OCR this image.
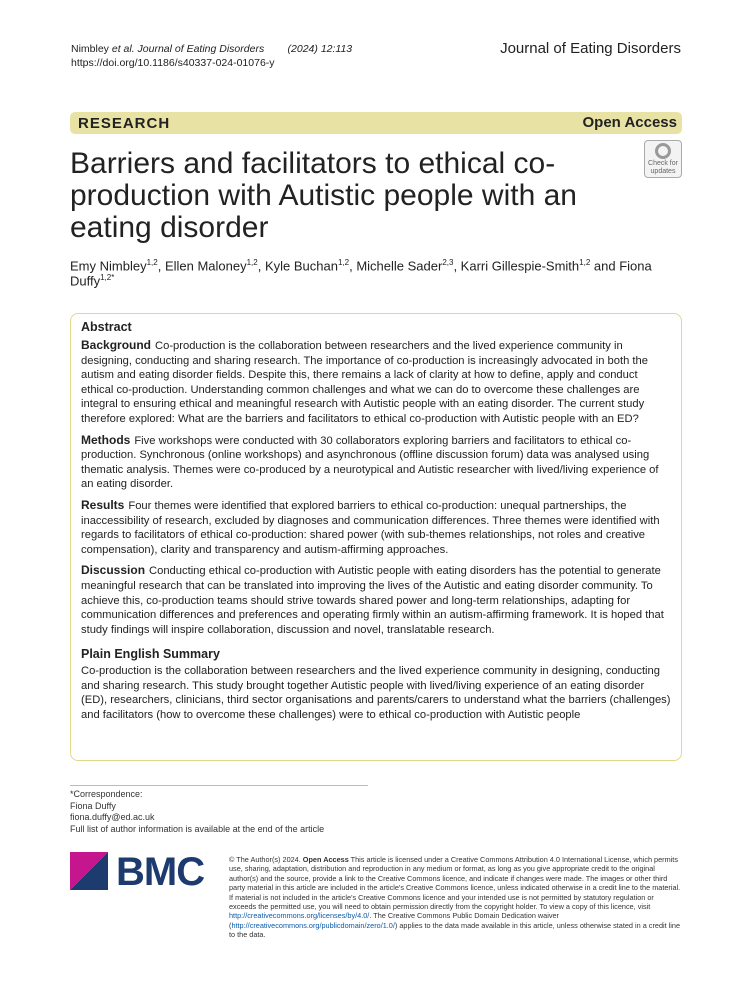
Nimbley et al. Journal of Eating Disorders (2024) 12:113
https://doi.org/10.1186/s40337-024-01076-y
Journal of Eating Disorders
RESEARCH	Open Access
Barriers and facilitators to ethical co-production with Autistic people with an eating disorder
Check for
updates
Emy Nimbley$^{1,2}$, Ellen Maloney$^{1,2}$, Kyle Buchan$^{1,2}$, Michelle Sader$^{2,3}$, Karri Gillespie-Smith$^{1,2}$ and Fiona Duffy$^{1,2*}$
Abstract

Background Co-production is the collaboration between researchers and the lived experience community in designing, conducting and sharing research. The importance of co-production is increasingly advocated in both the autism and eating disorder fields. Despite this, there remains a lack of clarity at how to define, apply and conduct ethical co-production. Understanding common challenges and what we can do to overcome these challenges are integral to ensuring ethical and meaningful research with Autistic people with an eating disorder. The current study therefore explored: What are the barriers and facilitators to ethical co-production with Autistic people with an ED?

Methods Five workshops were conducted with 30 collaborators exploring barriers and facilitators to ethical co-production. Synchronous (online workshops) and asynchronous (offline discussion forum) data was analysed using thematic analysis. Themes were co-produced by a neurotypical and Autistic researcher with lived/living experience of an eating disorder.

Results Four themes were identified that explored barriers to ethical co-production: unequal partnerships, the inaccessibility of research, excluded by diagnoses and communication differences. Three themes were identified with regards to facilitators of ethical co-production: shared power (with sub-themes relationships, not roles and creative compensation), clarity and transparency and autism-affirming approaches.

Discussion Conducting ethical co-production with Autistic people with eating disorders has the potential to generate meaningful research that can be translated into improving the lives of the Autistic and eating disorder community. To achieve this, co-production teams should strive towards shared power and long-term relationships, adapting for communication differences and preferences and operating firmly within an autism-affirming framework. It is hoped that study findings will inspire collaboration, discussion and novel, translatable research.

Plain English Summary

Co-production is the collaboration between researchers and the lived experience community in designing, conducting and sharing research. This study brought together Autistic people with lived/living experience of an eating disorder (ED), researchers, clinicians, third sector organisations and parents/carers to understand what the barriers (challenges) and facilitators (how to overcome these challenges) were to ethical co-production with Autistic people

*Correspondence:
Fiona Duffy
fiona.duffy@ed.ac.uk
Full list of author information is available at the end of the article
BMC	© The Author(s) 2024. Open Access This article is licensed under a Creative Commons Attribution 4.0 International License, which permits use, sharing, adaptation, distribution and reproduction in any medium or format, as long as you give appropriate credit to the original author(s) and the source, provide a link to the Creative Commons licence, and indicate if changes were made. The images or other third party material in this article are included in the article's Creative Commons licence, unless indicated otherwise in a credit line to the material. If material is not included in the article's Creative Commons licence and your intended use is not permitted by statutory regulation or exceeds the permitted use, you will need to obtain permission directly from the copyright holder. To view a copy of this licence, visit http://creativecommons.org/licenses/by/4.0/. The Creative Commons Public Domain Dedication waiver (http://creativecommons.org/publicdomain/zero/1.0/) applies to the data made available in this article, unless otherwise stated in a credit line to the data.
